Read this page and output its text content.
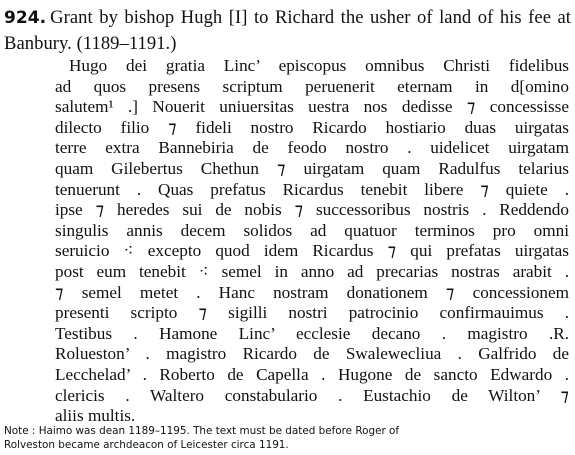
924. Grant by bishop Hugh [I] to Richard the usher of land of his fee at Banbury. (1189–1191.)
Hugo dei gratia Linc’ episcopus omnibus Christi fidelibus
ad quos presens scriptum peruenerit eternam in d[omino
salutem¹ .] Nouerit uniuersitas uestra nos dedisse ⁊ concessisse
dilecto filio ⁊ fideli nostro Ricardo hostiario duas uirgatas
terre extra Bannebiria de feodo nostro . uidelicet uirgatam
quam Gilebertus Chethun ⁊ uirgatam quam Radulfus telarius
tenuerunt . Quas prefatus Ricardus tenebit libere ⁊ quiete .
ipse ⁊ heredes sui de nobis ⁊ successoribus nostris . Reddendo
singulis annis decem solidos ad quatuor terminos pro omni
seruicio ⁖ excepto quod idem Ricardus ⁊ qui prefatas uirgatas
post eum tenebit ⁖ semel in anno ad precarias nostras arabit .
⁊ semel metet . Hanc nostram donationem ⁊ concessionem
presenti scripto ⁊ sigilli nostri patrocinio confirmauimus .
Testibus . Hamone Linc’ ecclesie decano . magistro .R.
Rolueston’ . magistro Ricardo de Swalewecliua . Galfrido de
Lecchelad’ . Roberto de Capella . Hugone de sancto Edwardo .
clericis . Waltero constabulario . Eustachio de Wilton’ ⁊
aliis multis.
Note : Haimo was dean 1189–1195. The text must be dated before Roger of
Rolveston became archdeacon of Leicester circa 1191.
